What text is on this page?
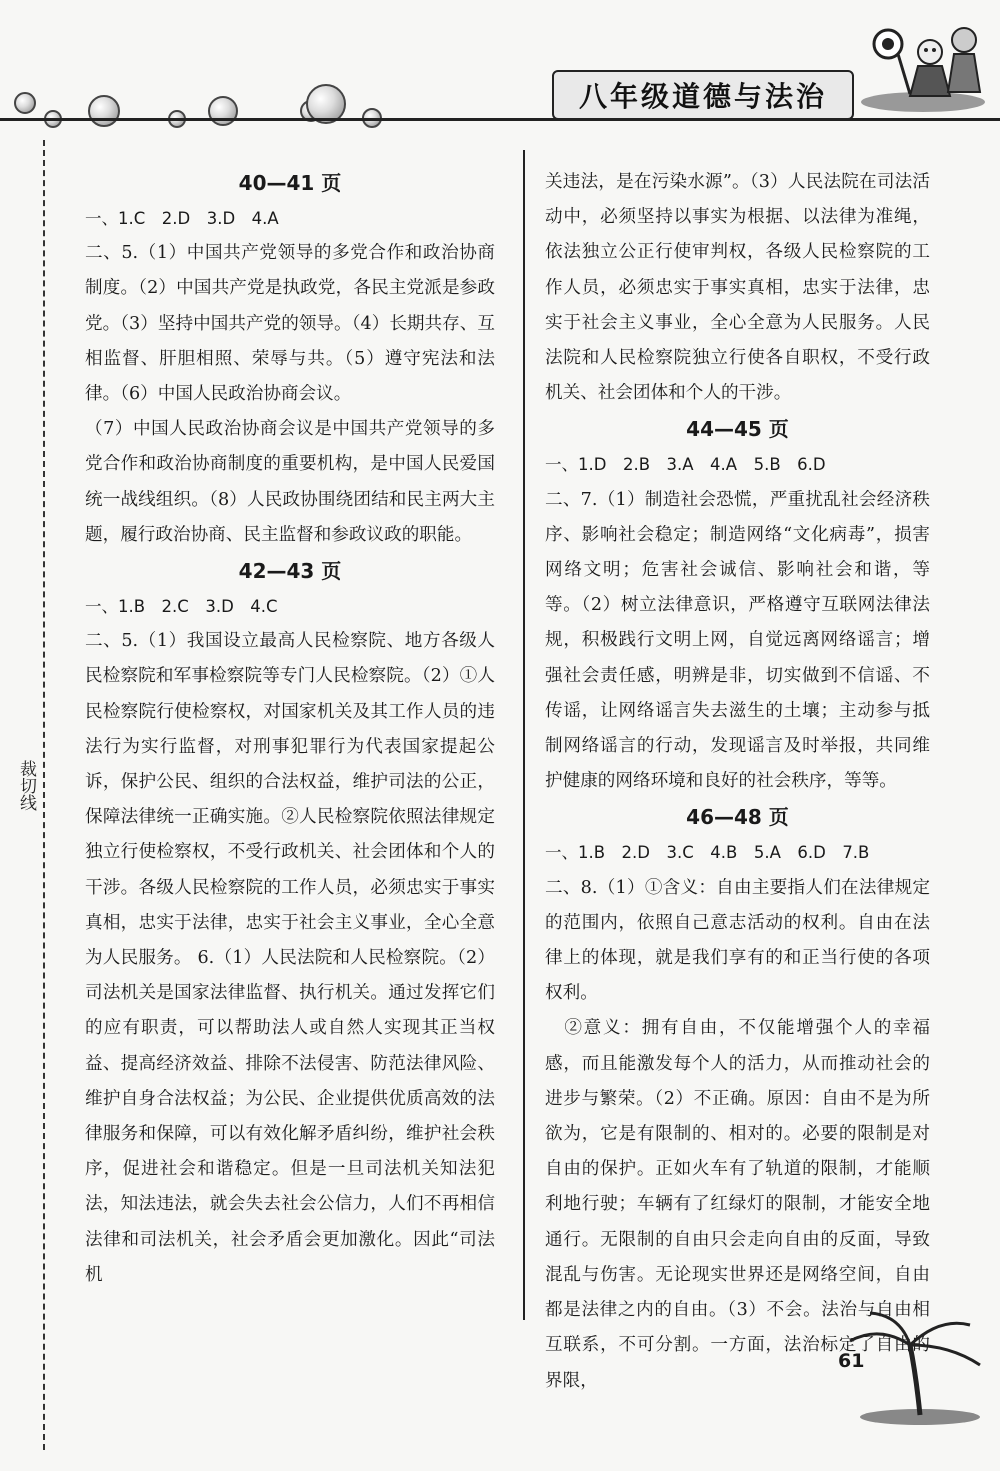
八年级道德与法治
裁切线
40—41 页

一、1.C　2.D　3.D　4.A

二、5.（1）中国共产党领导的多党合作和政治协商制度。（2）中国共产党是执政党，各民主党派是参政党。（3）坚持中国共产党的领导。（4）长期共存、互相监督、肝胆相照、荣辱与共。（5）遵守宪法和法律。（6）中国人民政治协商会议。

（7）中国人民政治协商会议是中国共产党领导的多党合作和政治协商制度的重要机构，是中国人民爱国统一战线组织。（8）人民政协围绕团结和民主两大主题，履行政治协商、民主监督和参政议政的职能。

42—43 页

一、1.B　2.C　3.D　4.C

二、5.（1）我国设立最高人民检察院、地方各级人民检察院和军事检察院等专门人民检察院。（2）①人民检察院行使检察权，对国家机关及其工作人员的违法行为实行监督，对刑事犯罪行为代表国家提起公诉，保护公民、组织的合法权益，维护司法的公正，保障法律统一正确实施。②人民检察院依照法律规定独立行使检察权，不受行政机关、社会团体和个人的干涉。各级人民检察院的工作人员，必须忠实于事实真相，忠实于法律，忠实于社会主义事业，全心全意为人民服务。 6.（1）人民法院和人民检察院。（2）司法机关是国家法律监督、执行机关。通过发挥它们的应有职责，可以帮助法人或自然人实现其正当权益、提高经济效益、排除不法侵害、防范法律风险、维护自身合法权益；为公民、企业提供优质高效的法律服务和保障，可以有效化解矛盾纠纷，维护社会秩序，促进社会和谐稳定。但是一旦司法机关知法犯法，知法违法，就会失去社会公信力，人们不再相信法律和司法机关，社会矛盾会更加激化。因此“司法机

关违法，是在污染水源”。（3）人民法院在司法活动中，必须坚持以事实为根据、以法律为准绳，依法独立公正行使审判权，各级人民检察院的工作人员，必须忠实于事实真相，忠实于法律，忠实于社会主义事业，全心全意为人民服务。人民法院和人民检察院独立行使各自职权，不受行政机关、社会团体和个人的干涉。

44—45 页

一、1.D　2.B　3.A　4.A　5.B　6.D

二、7.（1）制造社会恐慌，严重扰乱社会经济秩序、影响社会稳定；制造网络“文化病毒”，损害网络文明；危害社会诚信、影响社会和谐，等等。（2）树立法律意识，严格遵守互联网法律法规，积极践行文明上网，自觉远离网络谣言；增强社会责任感，明辨是非，切实做到不信谣、不传谣，让网络谣言失去滋生的土壤；主动参与抵制网络谣言的行动，发现谣言及时举报，共同维护健康的网络环境和良好的社会秩序，等等。

46—48 页

一、1.B　2.D　3.C　4.B　5.A　6.D　7.B

二、8.（1）①含义：自由主要指人们在法律规定的范围内，依照自己意志活动的权利。自由在法律上的体现，就是我们享有的和正当行使的各项权利。

　②意义：拥有自由，不仅能增强个人的幸福感，而且能激发每个人的活力，从而推动社会的进步与繁荣。（2）不正确。原因：自由不是为所欲为，它是有限制的、相对的。必要的限制是对自由的保护。正如火车有了轨道的限制，才能顺利地行驶；车辆有了红绿灯的限制，才能安全地通行。无限制的自由只会走向自由的反面，导致混乱与伤害。无论现实世界还是网络空间，自由都是法律之内的自由。（3）不会。法治与自由相互联系，不可分割。一方面，法治标定了自由的界限，

61
